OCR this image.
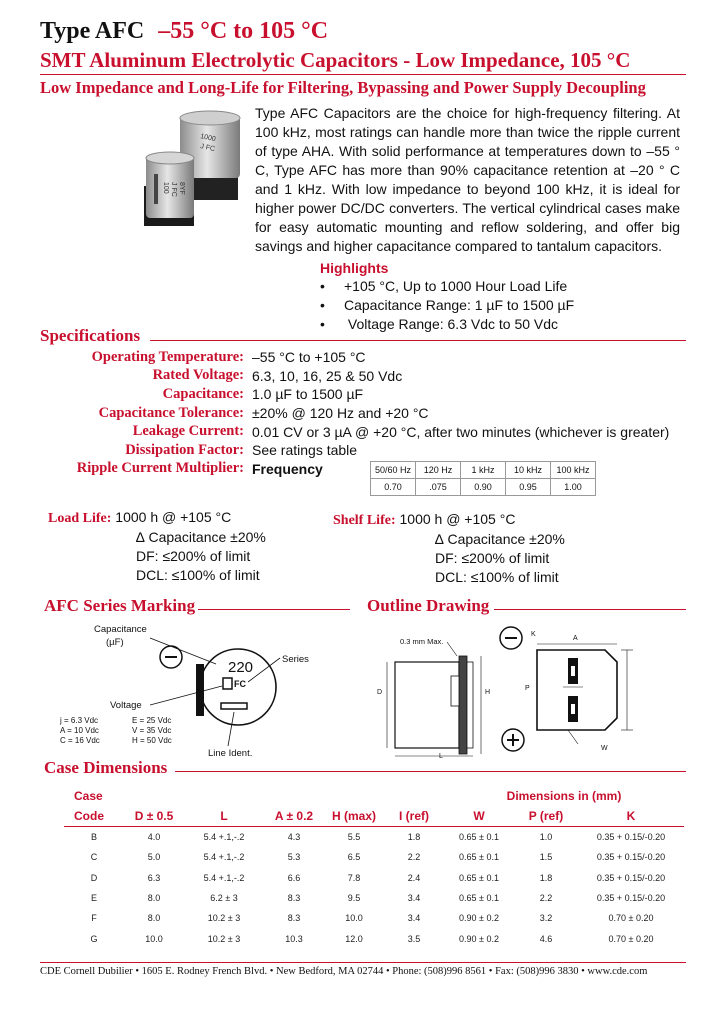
Type AFC –55 °C to 105 °C
SMT Aluminum Electrolytic Capacitors - Low Impedance, 105 °C
Low Impedance and Long-Life for Filtering, Bypassing and Power Supply Decoupling
1000
J FC
100 J FC 8YF
Type AFC Capacitors are the choice for high-frequency filtering. At 100 kHz, most ratings can handle more than twice the ripple current of type AHA. With solid performance at temperatures down to –55 ° C, Type AFC has more than 90% capacitance retention at –20 ° C and 1 kHz. With low impedance to beyond 100 kHz, it is ideal for higher power DC/DC converters. The vertical cylindrical cases make for easy automatic mounting and reflow soldering, and offer big savings and higher capacitance compared to tantalum capacitors.
Highlights
• +105 °C, Up to 1000 Hour Load Life
• Capacitance Range: 1 µF to 1500 µF
•  Voltage Range: 6.3 Vdc to 50 Vdc
Specifications
Operating Temperature: –55 °C to +105 °C
Rated Voltage: 6.3, 10, 16, 25 & 50 Vdc
Capacitance: 1.0 µF to 1500 µF
Capacitance Tolerance: ±20% @ 120 Hz and +20 °C
Leakage Current: 0.01 CV or 3 µA @ +20 °C, after two minutes (whichever is greater)
Dissipation Factor: See ratings table
Ripple Current Multiplier: Frequency	50/60 Hz	120 Hz	1 kHz	10 kHz	100 kHz
0.70	.075	0.90	0.95	1.00
Load Life: 1000 h @ +105 °C
∆ Capacitance ±20%
DF: ≤200% of limit
DCL: ≤100% of limit
Shelf Life: 1000 h @ +105 °C
∆ Capacitance ±20%
DF: ≤200% of limit
DCL: ≤100% of limit
AFC Series Marking	Outline Drawing
220
FC
Capacitance
(µF)
Series
Voltage
j = 6.3 Vdc	E = 25 Vdc
A = 10 Vdc	V = 35 Vdc
C = 16 Vdc	H = 50 Vdc
Line Ident.
0.3 mm Max.
D
L
H
A
K
P
W
Case Dimensions
Case						Dimensions in (mm)		
Code	D ± 0.5	L	A ± 0.2	H (max)	I (ref)	W	P (ref)	K
B	4.0	5.4 +.1,-.2	4.3	5.5	1.8	0.65 ± 0.1	1.0	0.35 + 0.15/-0.20
C	5.0	5.4 +.1,-.2	5.3	6.5	2.2	0.65 ± 0.1	1.5	0.35 + 0.15/-0.20
D	6.3	5.4 +.1,-.2	6.6	7.8	2.4	0.65 ± 0.1	1.8	0.35 + 0.15/-0.20
E	8.0	6.2 ± 3	8.3	9.5	3.4	0.65 ± 0.1	2.2	0.35 + 0.15/-0.20
F	8.0	10.2 ± 3	8.3	10.0	3.4	0.90 ± 0.2	3.2	0.70 ± 0.20
G	10.0	10.2 ± 3	10.3	12.0	3.5	0.90 ± 0.2	4.6	0.70 ± 0.20
CDE Cornell Dubilier • 1605 E. Rodney French Blvd. • New Bedford, MA 02744 • Phone: (508)996 8561 • Fax: (508)996 3830 • www.cde.com
